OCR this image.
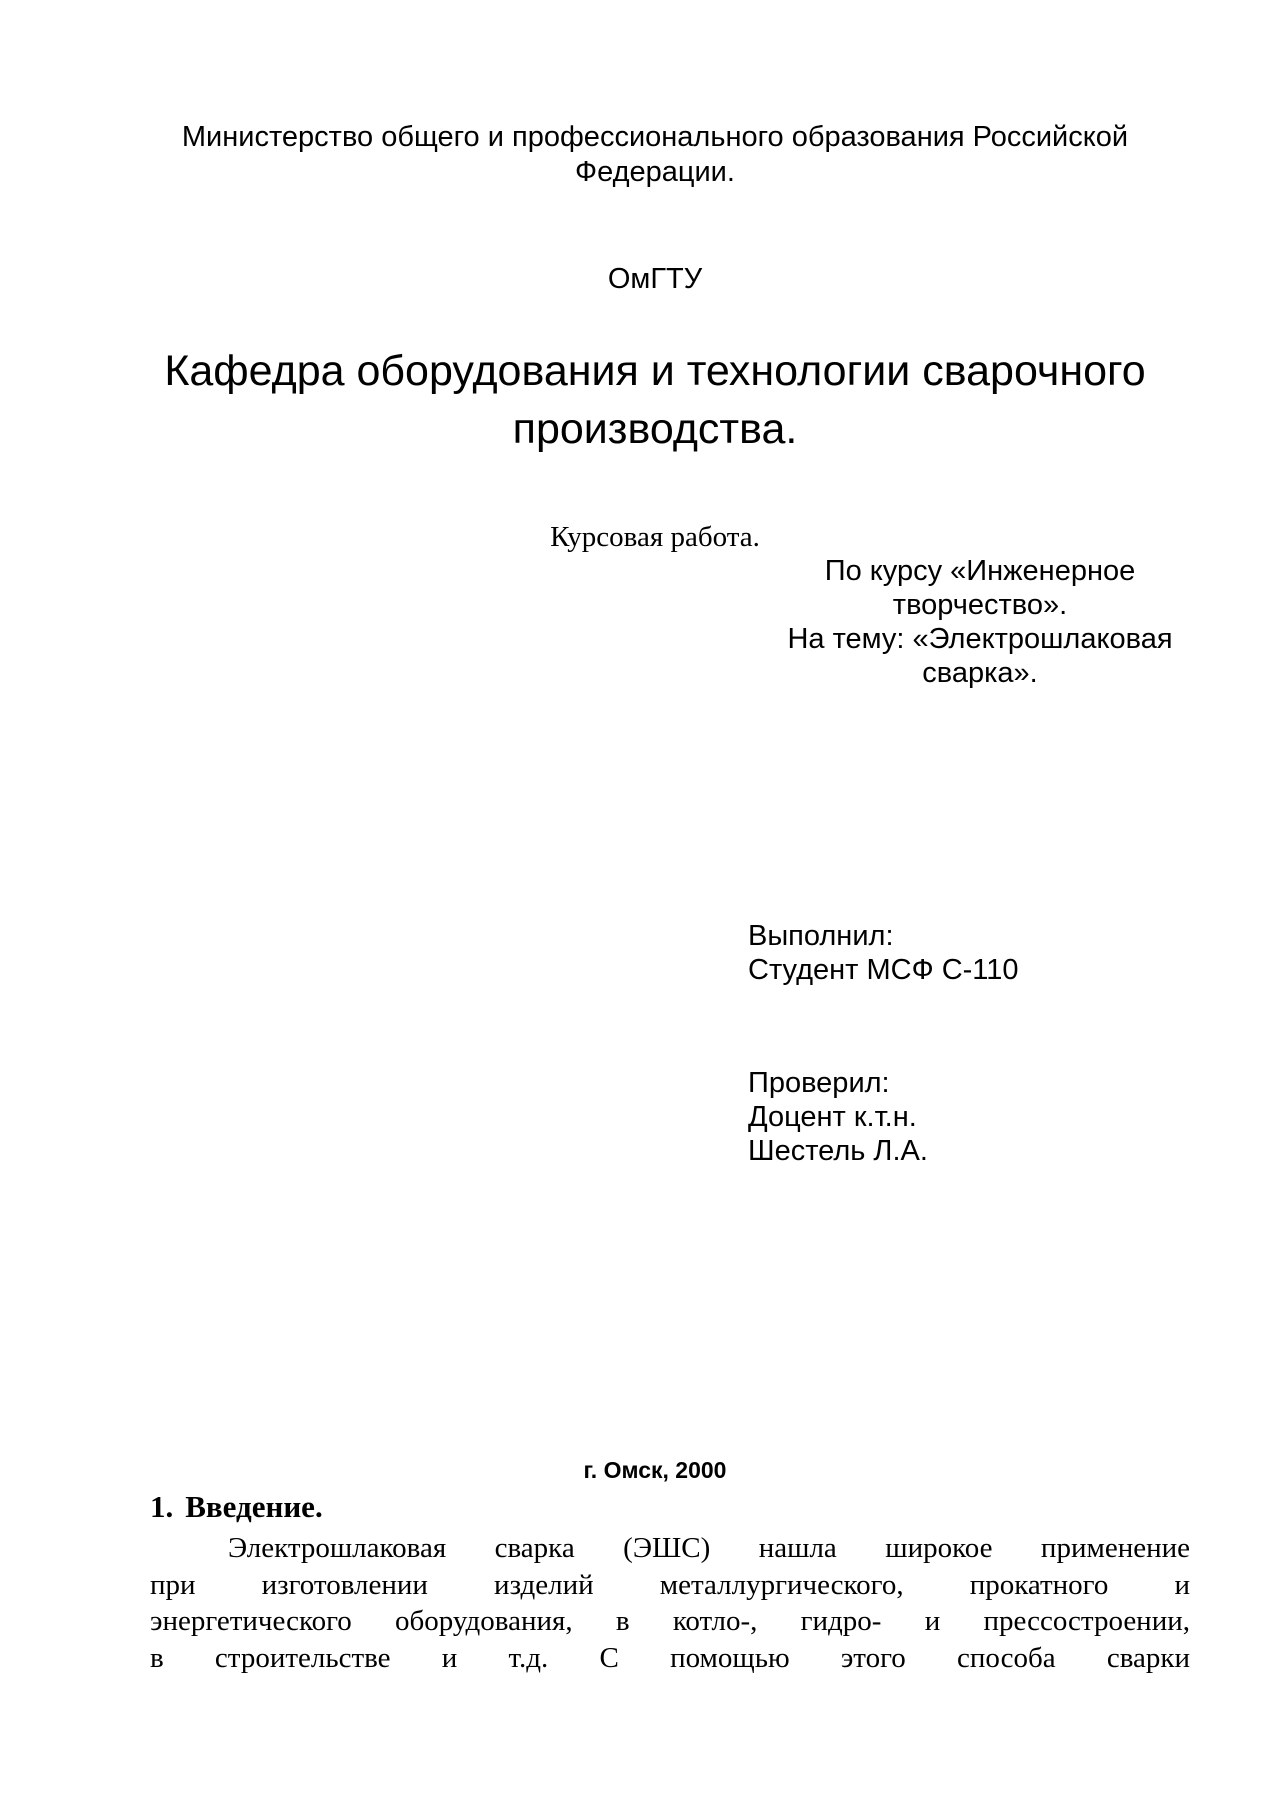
Министерство общего и профессионального образования Российской
Федерации.
ОмГТУ
Кафедра оборудования и технологии сварочного
производства.
Курсовая работа.
По курсу «Инженерное
творчество».
На тему: «Электрошлаковая
сварка».
Выполнил:
Студент МСФ С-110
Проверил:
Доцент к.т.н.
Шестель Л.А.
г. Омск, 2000
1. Введение.
Электрошлаковая сварка (ЭШС) нашла широкое применение
при изготовлении изделий металлургического, прокатного и
энергетического оборудования, в котло-, гидро- и прессостроении,
в строительстве и т.д. С помощью этого способа сварки
